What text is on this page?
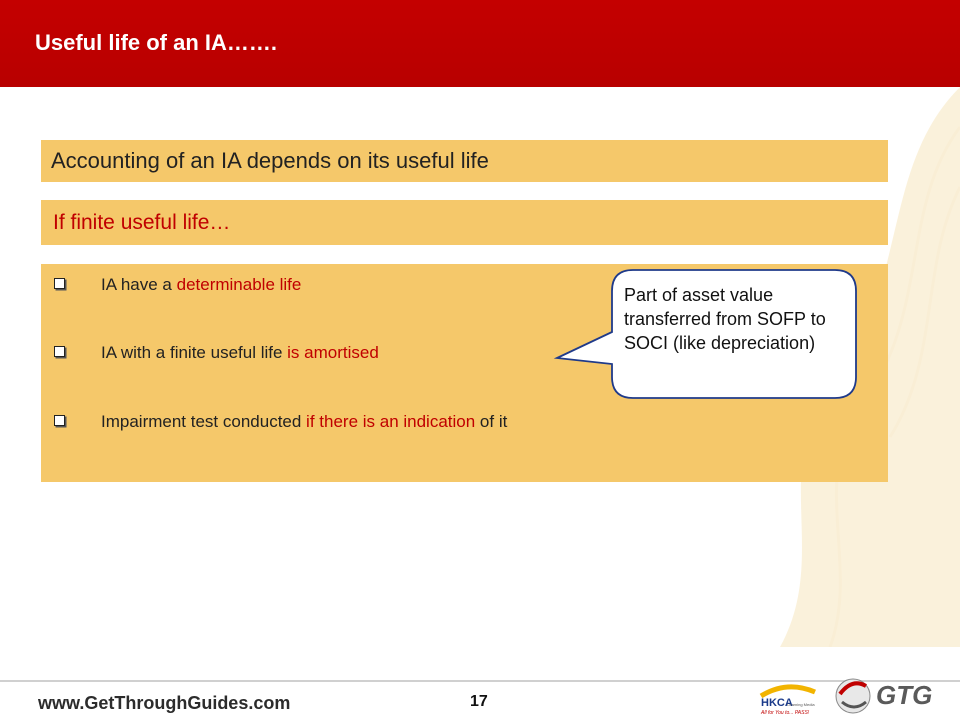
Useful life of an IA…….
Accounting of an IA depends on its useful life
If finite useful life…
IA have a determinable life
IA with a finite useful life is amortised
Impairment test conducted if there is an indication of it
Part of asset value transferred from SOFP to SOCI (like depreciation)
www.GetThroughGuides.com	17	HKCA
Learning Media
All for You to... PASS!
GTG
